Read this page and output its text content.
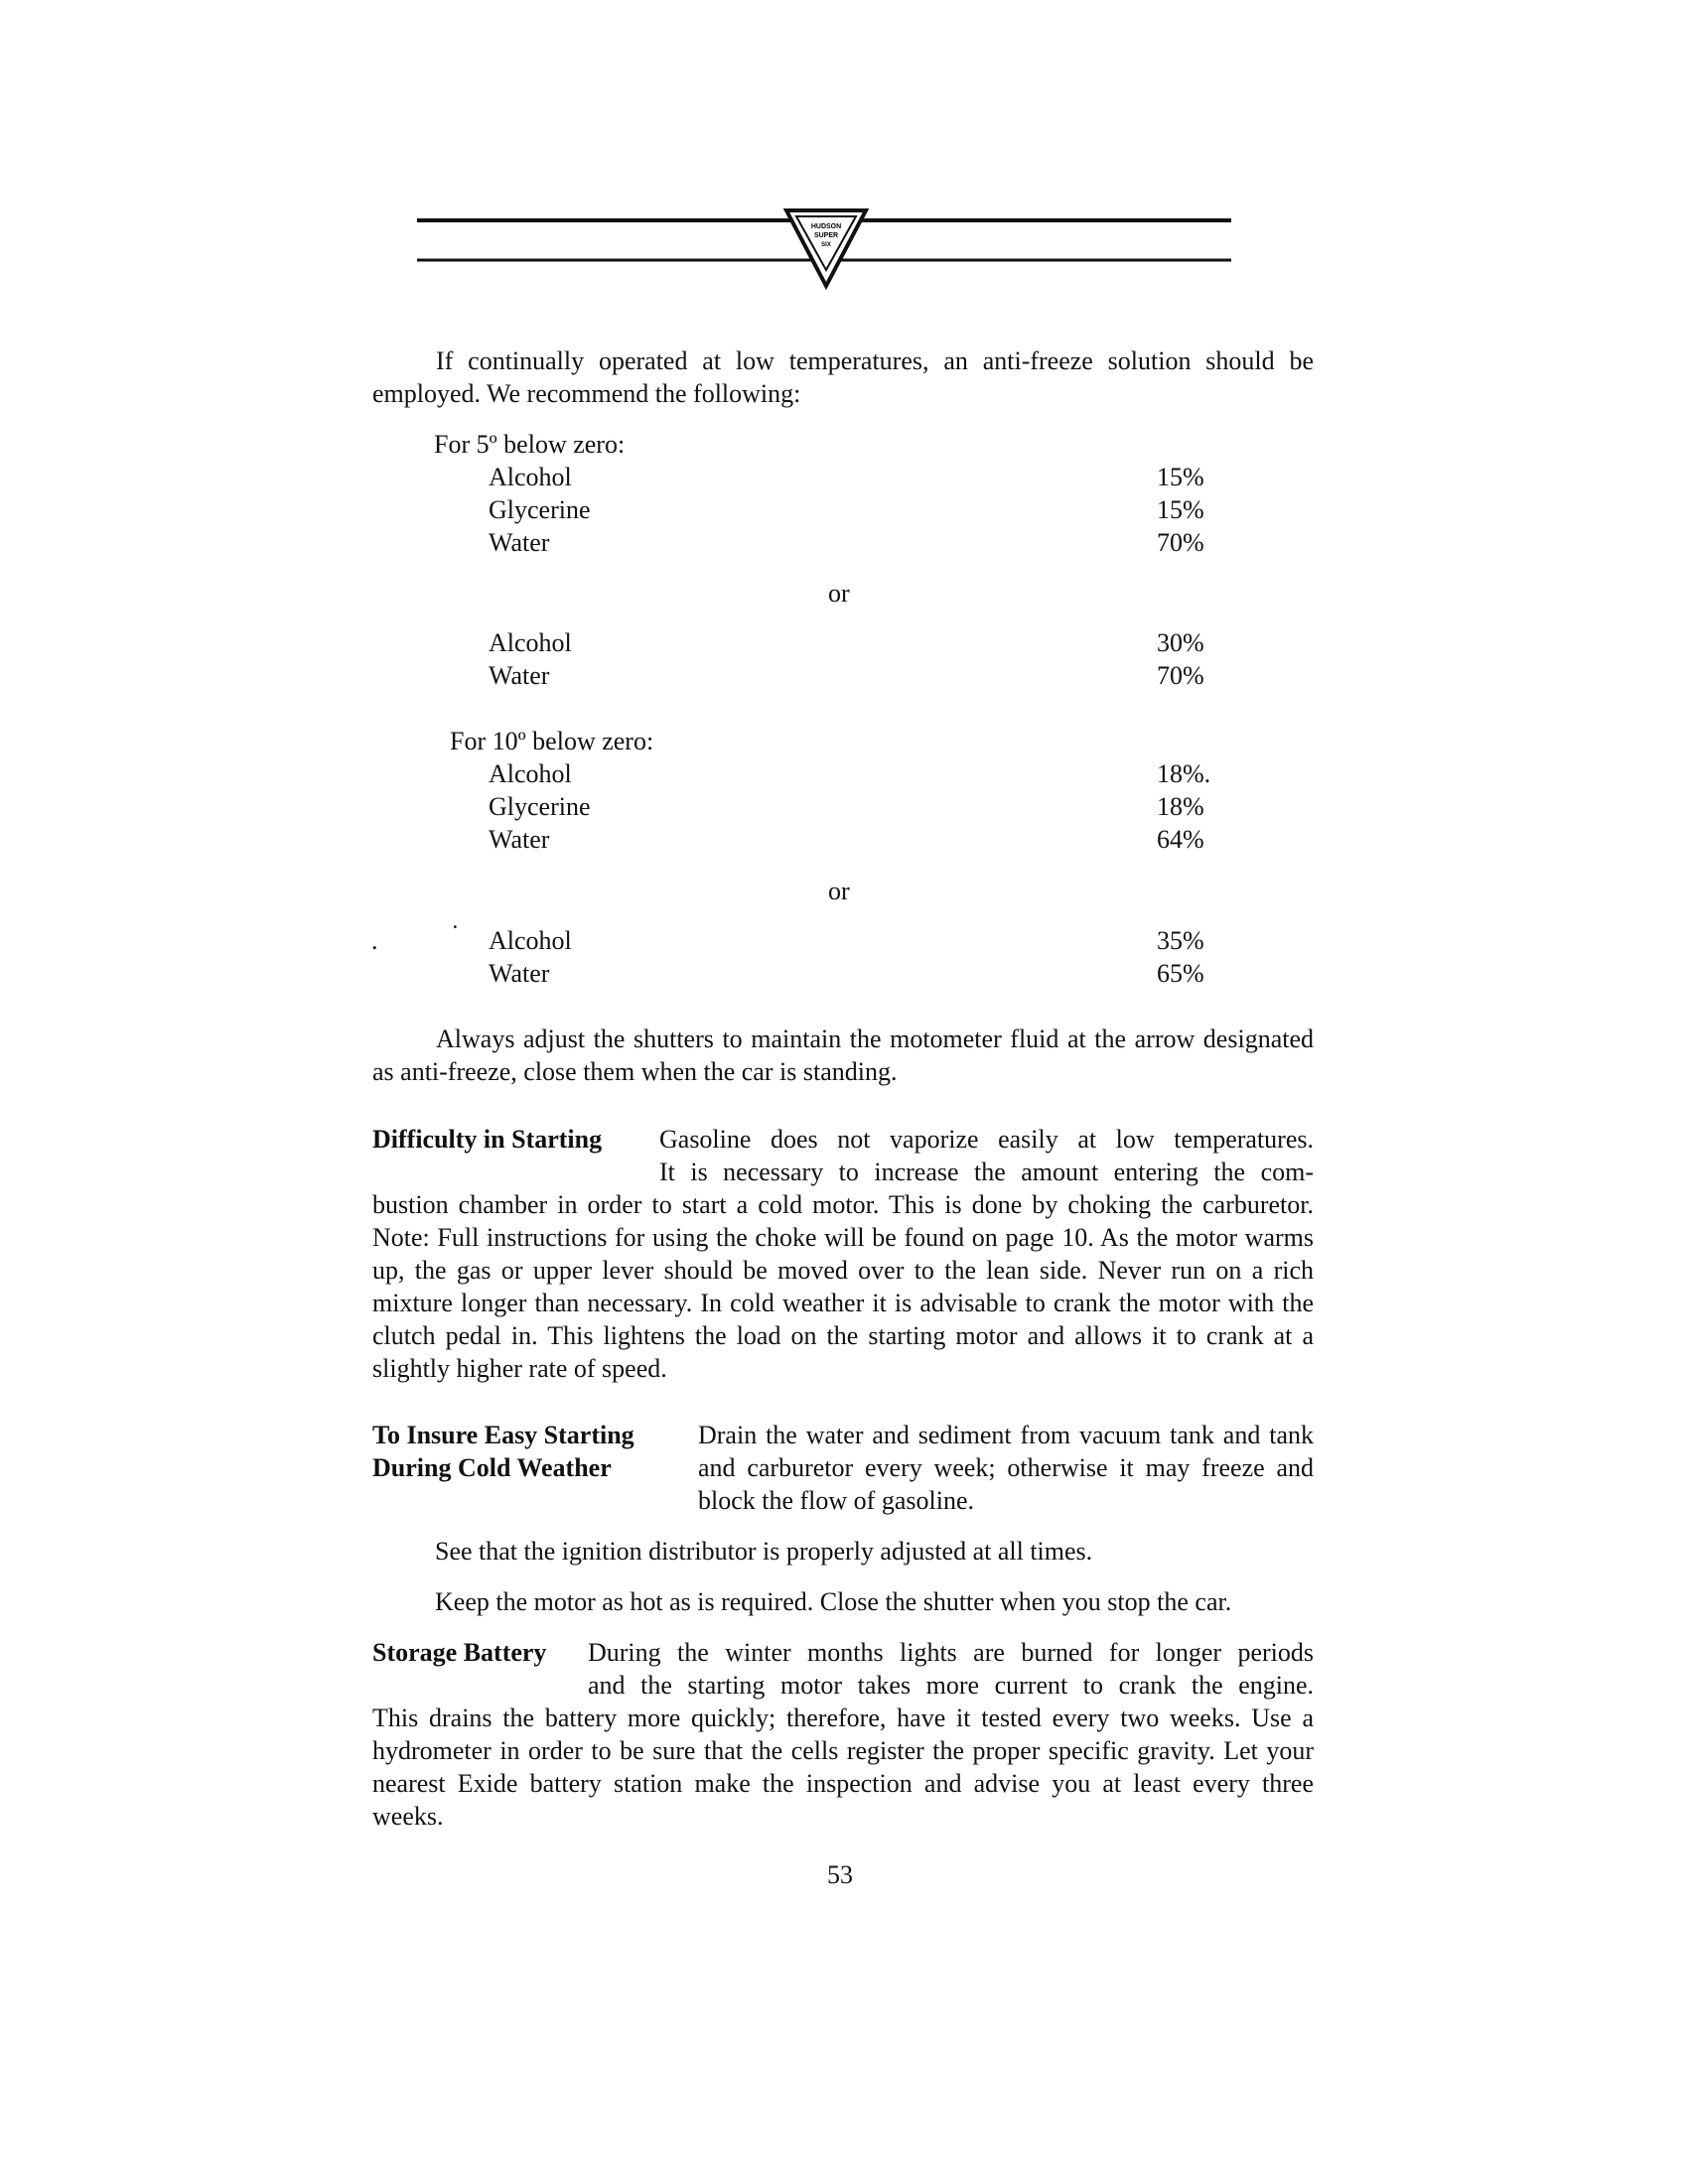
HUDSON
SUPER
SIX
If continually operated at low temperatures, an anti-freeze solution should be employed. We recommend the following:
For 5º below zero:
Alcohol	15%
Glycerine	15%
Water	70%
or
Alcohol	30%
Water	70%
For 10º below zero:
Alcohol	18%.
Glycerine	18%
Water	64%
or
.	˙ Alcohol	35%
Water	65%
Always adjust the shutters to maintain the motometer fluid at the arrow designated as anti-freeze, close them when the car is standing.
Difficulty in Starting Gasoline does not vaporize easily at low temperatures.
It is necessary to increase the amount entering the com-
bustion chamber in order to start a cold motor. This is done by choking the carburetor. Note: Full instructions for using the choke will be found on page 10. As the motor warms up, the gas or upper lever should be moved over to the lean side. Never run on a rich mixture longer than necessary. In cold weather it is advisable to crank the motor with the clutch pedal in. This lightens the load on the starting motor and allows it to crank at a slightly higher rate of speed.
To Insure Easy Starting
During Cold Weather
Drain the water and sediment from vacuum tank and tank and carburetor every week; otherwise it may freeze and block the flow of gasoline.
See that the ignition distributor is properly adjusted at all times.
Keep the motor as hot as is required. Close the shutter when you stop the car.
Storage Battery During the winter months lights are burned for longer periods
and the starting motor takes more current to crank the engine.
This drains the battery more quickly; therefore, have it tested every two weeks. Use a hydrometer in order to be sure that the cells register the proper specific gravity. Let your nearest Exide battery station make the inspection and advise you at least every three weeks.
53
